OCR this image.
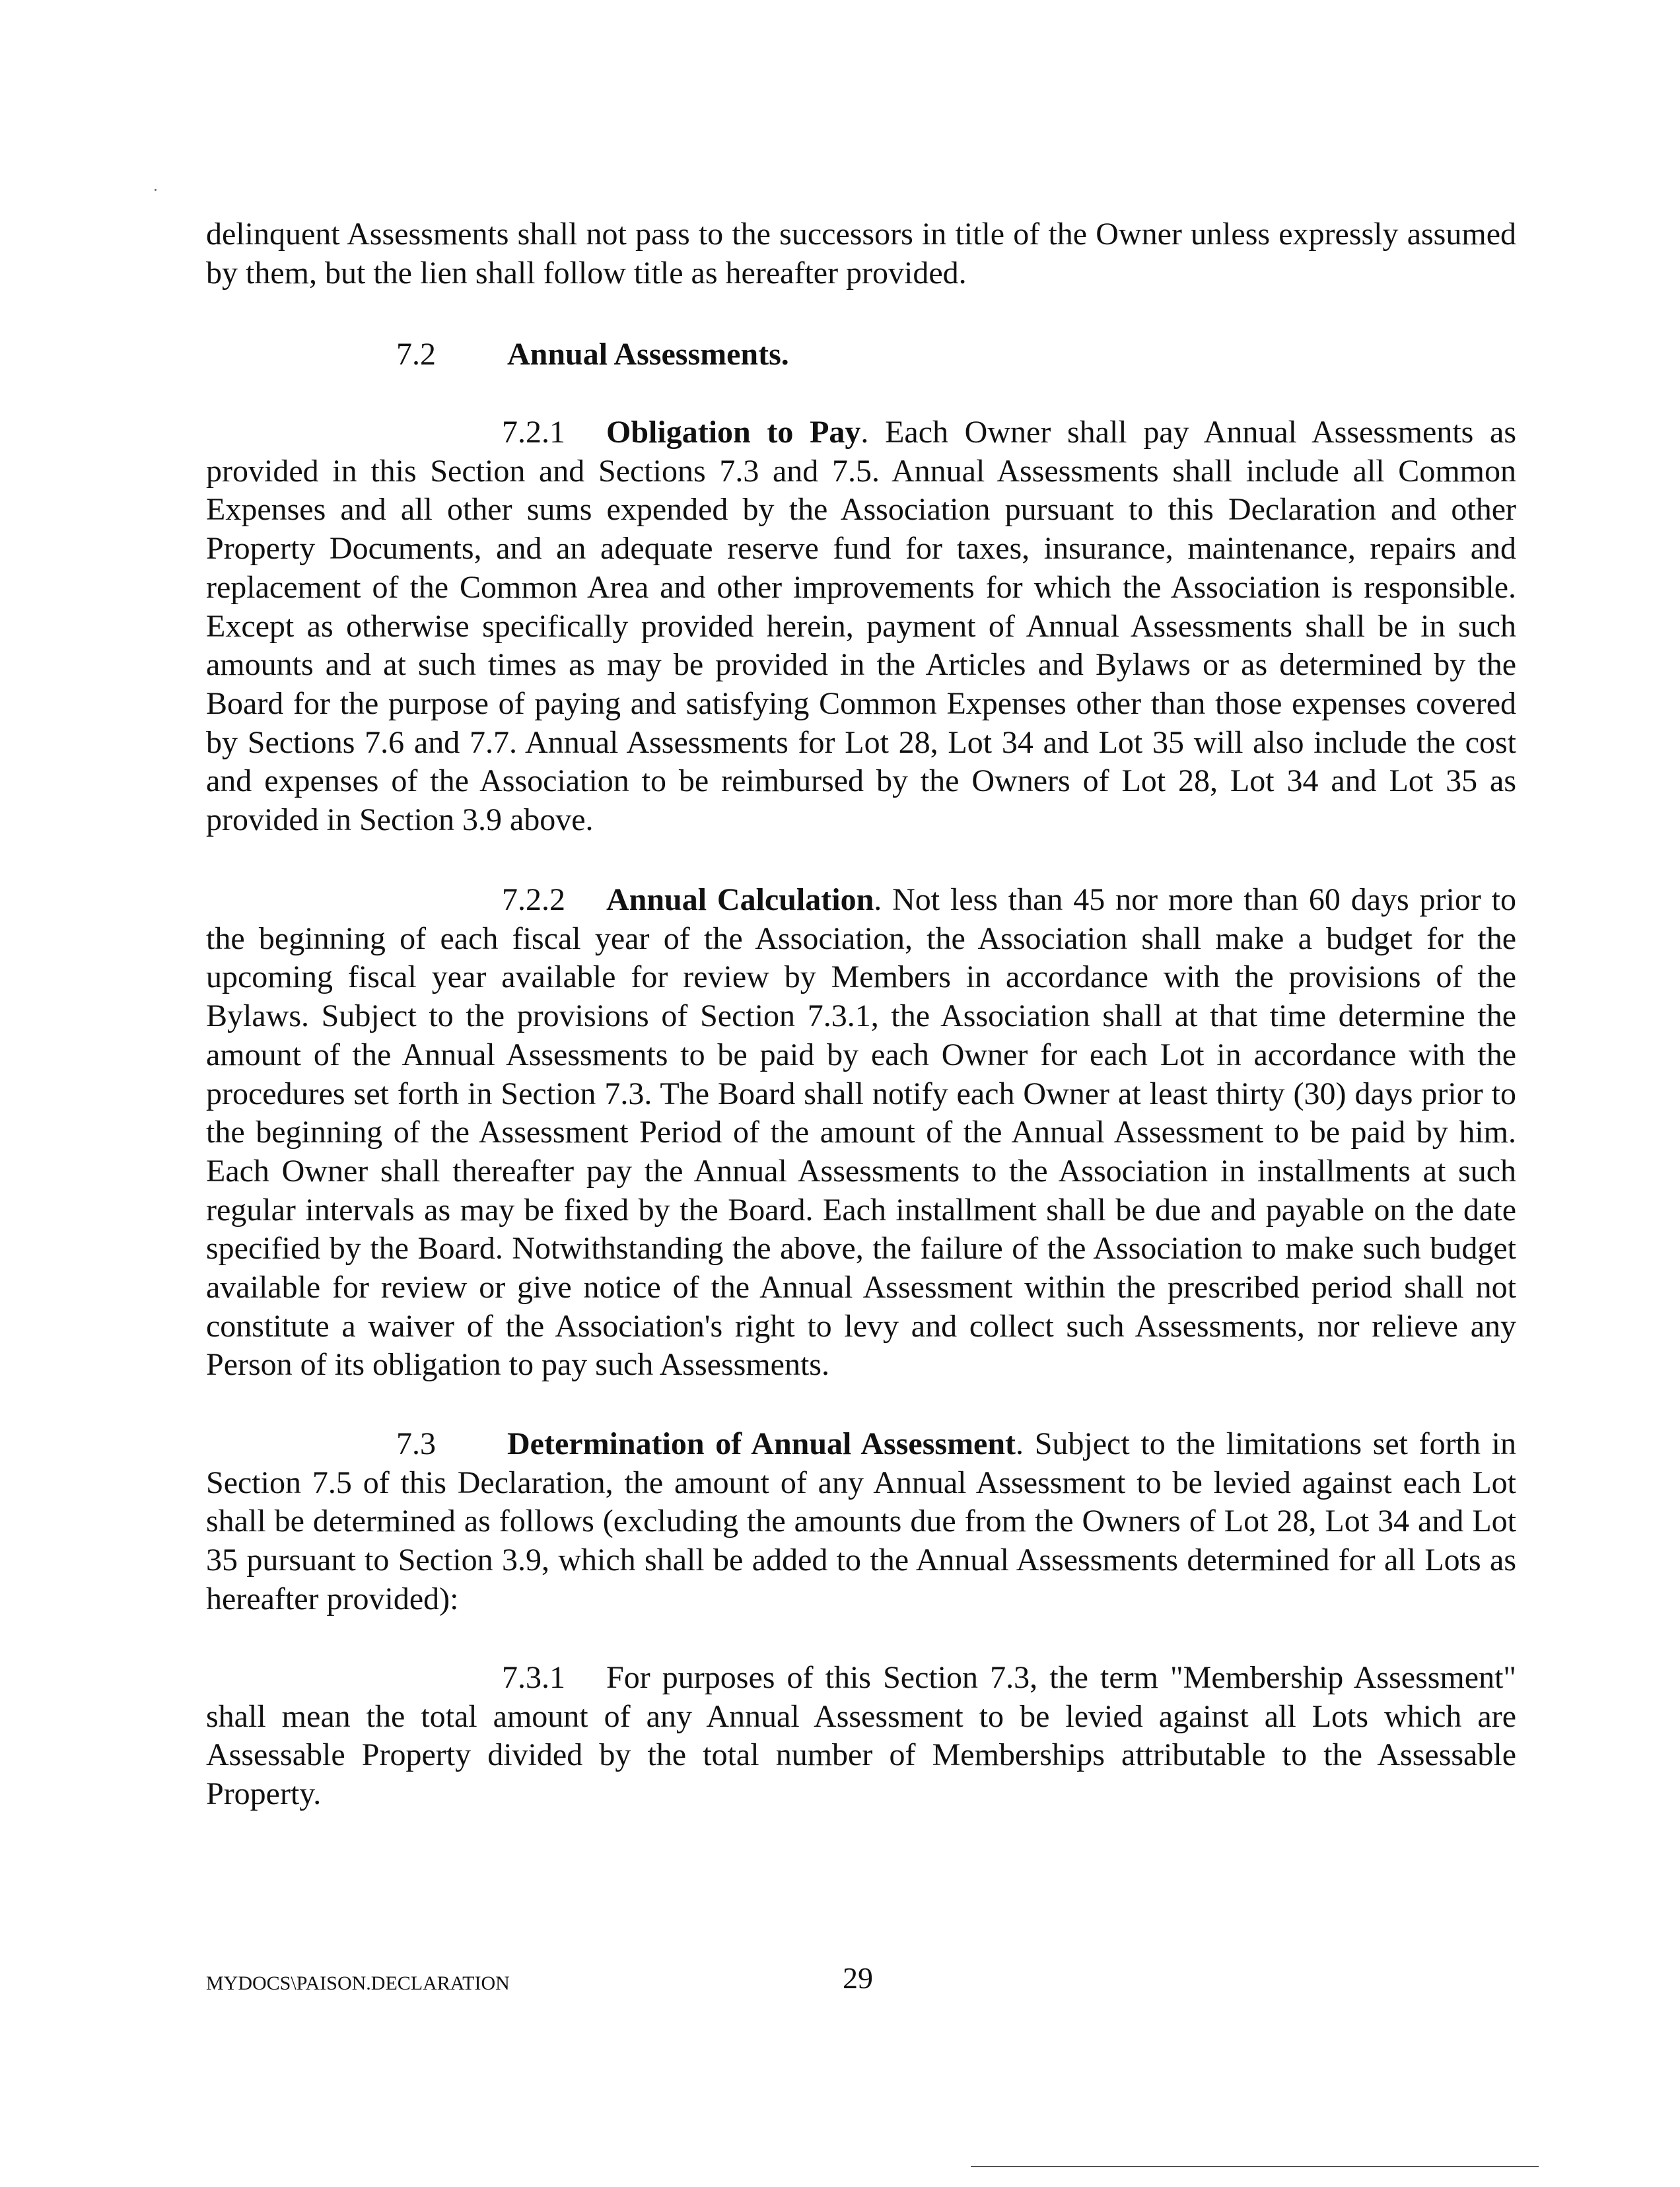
delinquent Assessments shall not pass to the successors in title of the Owner unless expressly assumed by them, but the lien shall follow title as hereafter provided.

7.2 Annual Assessments.

7.2.1 Obligation to Pay. Each Owner shall pay Annual Assessments as provided in this Section and Sections 7.3 and 7.5. Annual Assessments shall include all Common Expenses and all other sums expended by the Association pursuant to this Declaration and other Property Documents, and an adequate reserve fund for taxes, insurance, maintenance, repairs and replacement of the Common Area and other improvements for which the Association is responsible. Except as otherwise specifically provided herein, payment of Annual Assessments shall be in such amounts and at such times as may be provided in the Articles and Bylaws or as determined by the Board for the purpose of paying and satisfying Common Expenses other than those expenses covered by Sections 7.6 and 7.7. Annual Assessments for Lot 28, Lot 34 and Lot 35 will also include the cost and expenses of the Association to be reimbursed by the Owners of Lot 28, Lot 34 and Lot 35 as provided in Section 3.9 above.

7.2.2 Annual Calculation. Not less than 45 nor more than 60 days prior to the beginning of each fiscal year of the Association, the Association shall make a budget for the upcoming fiscal year available for review by Members in accordance with the provisions of the Bylaws. Subject to the provisions of Section 7.3.1, the Association shall at that time determine the amount of the Annual Assessments to be paid by each Owner for each Lot in accordance with the procedures set forth in Section 7.3. The Board shall notify each Owner at least thirty (30) days prior to the beginning of the Assessment Period of the amount of the Annual Assessment to be paid by him. Each Owner shall thereafter pay the Annual Assessments to the Association in installments at such regular intervals as may be fixed by the Board. Each installment shall be due and payable on the date specified by the Board. Notwithstanding the above, the failure of the Association to make such budget available for review or give notice of the Annual Assessment within the prescribed period shall not constitute a waiver of the Association's right to levy and collect such Assessments, nor relieve any Person of its obligation to pay such Assessments.

7.3 Determination of Annual Assessment. Subject to the limitations set forth in Section 7.5 of this Declaration, the amount of any Annual Assessment to be levied against each Lot shall be determined as follows (excluding the amounts due from the Owners of Lot 28, Lot 34 and Lot 35 pursuant to Section 3.9, which shall be added to the Annual Assessments determined for all Lots as hereafter provided):

7.3.1 For purposes of this Section 7.3, the term "Membership Assessment" shall mean the total amount of any Annual Assessment to be levied against all Lots which are Assessable Property divided by the total number of Memberships attributable to the Assessable Property.

MYDOCS\PAISON.DECLARATION	29
